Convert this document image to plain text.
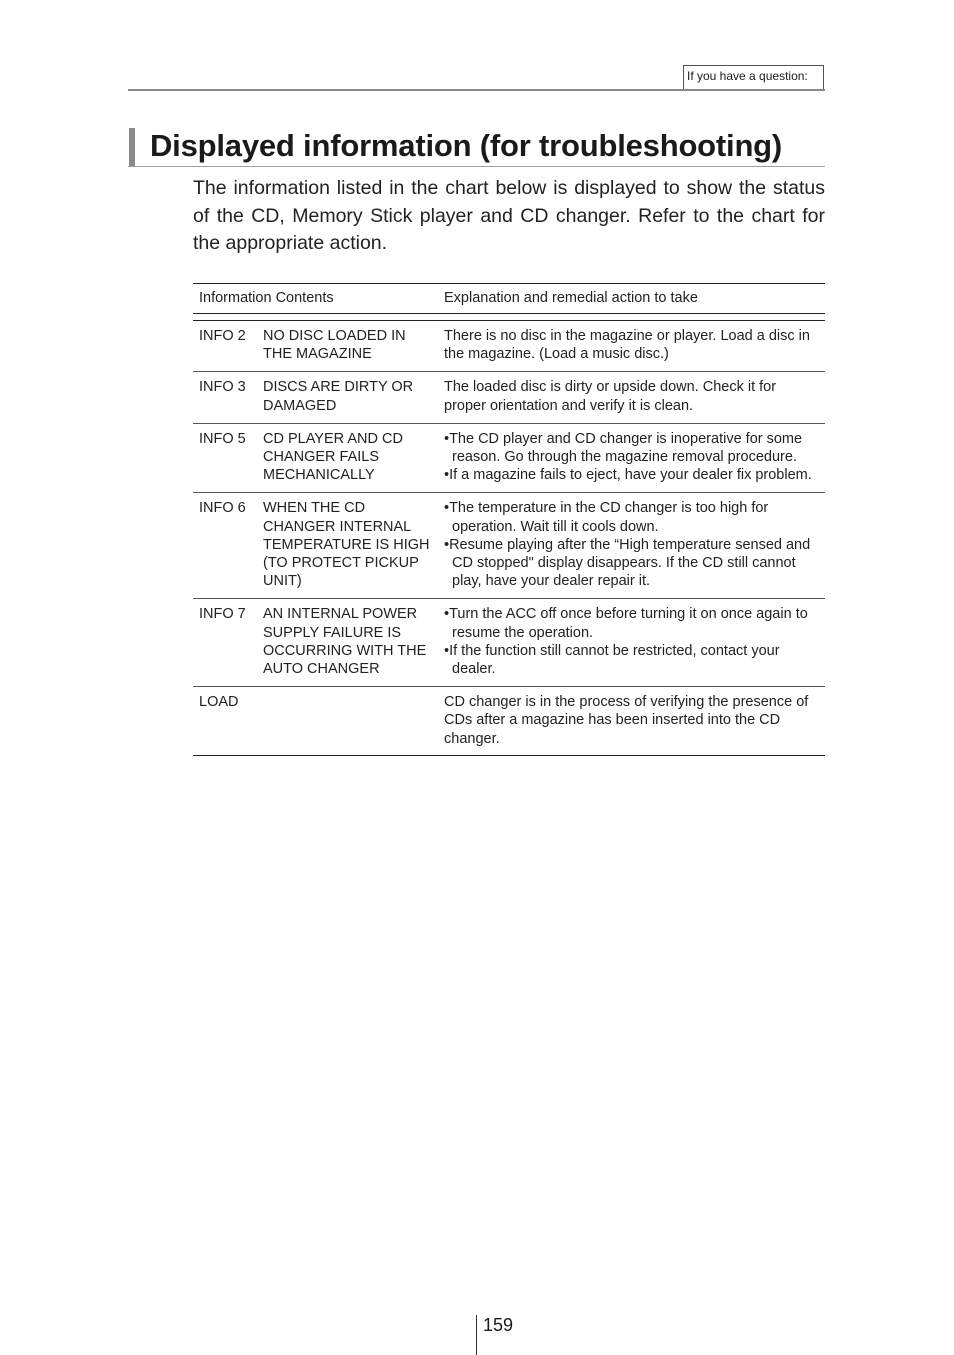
If you have a question:
Displayed information (for troubleshooting)

The information listed in the chart below is displayed to show the status of the CD, Memory Stick player and CD changer. Refer to the chart for the appropriate action.

Information Contents		Explanation and remedial action to take

INFO 2	NO DISC LOADED IN THE MAGAZINE	There is no disc in the magazine or player. Load a disc in the magazine. (Load a music disc.)

INFO 3	DISCS ARE DIRTY OR DAMAGED	The loaded disc is dirty or upside down. Check it for proper orientation and verify it is clean.

INFO 5	CD PLAYER AND CD CHANGER FAILS MECHANICALLY	•The CD player and CD changer is inoperative for some reason. Go through the magazine removal procedure.
•If a magazine fails to eject, have your dealer fix problem.

INFO 6	WHEN THE CD CHANGER INTERNAL TEMPERATURE IS HIGH (TO PROTECT PICKUP UNIT)	•The temperature in the CD changer is too high for operation. Wait till it cools down.
•Resume playing after the “High temperature sensed and CD stopped" display disappears. If the CD still cannot play, have your dealer repair it.

INFO 7	AN INTERNAL POWER SUPPLY FAILURE IS OCCURRING WITH THE AUTO CHANGER	•Turn the ACC off once before turning it on once again to resume the operation.
•If the function still cannot be restricted, contact your dealer.

LOAD		CD changer is in the process of verifying the presence of CDs after a magazine has been inserted into the CD changer.
159
